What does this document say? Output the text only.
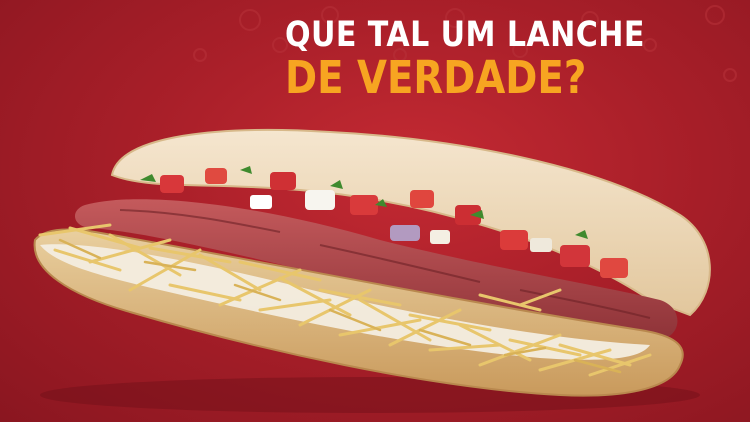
QUE TAL UM LANCHE
DE VERDADE?
